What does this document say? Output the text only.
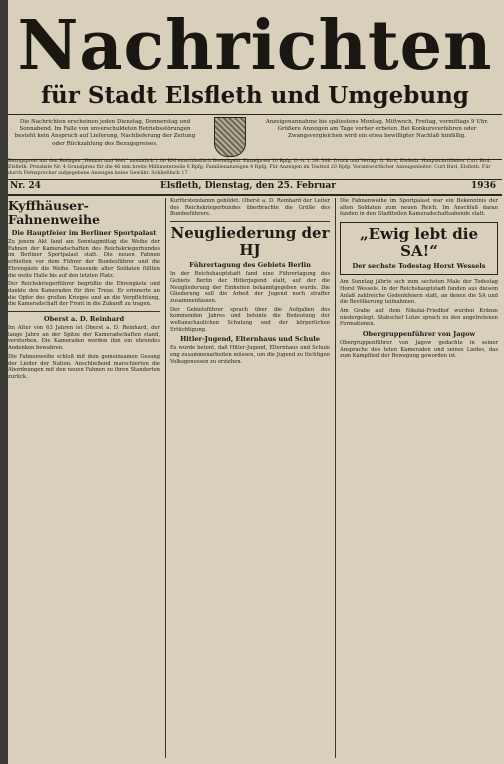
Nachrichten
für Stadt Elsfleth und Umgebung
Die Nachrichten erscheinen jeden Dienstag, Donnerstag und Sonnabend. Im Falle von unverschuldeten Betriebsstörungen besteht kein Anspruch auf Lieferung, Nachlieferung der Zeitung oder Rückzahlung des Bezugspreises.
Anzeigenannahme bis spätestens Montag, Mittwoch, Freitag, vormittags 9 Uhr. Größere Anzeigen am Tage vorher erbeten. Bei Konkursverfahren oder Zwangsvergleichen wird ein etwa bewilligter Nachlaß hinfällig.
Bezugspreis mit den Beilagen „Heimat und Welt“ monatlich 1.00 RM einschließlich Bestellgeld. Einzelpreis 10 Rpfg. D.-A. I. 36: 508. Druck und Verlag: G. Bird, Elsfleth. Hauptschriftleiter Curt Bird, Elsfleth. Preisliste Nr. 4 Grundpreis für die 46 mm breite Millimeterzeile 6 Rpfg. Familienanzeigen 4 Rpfg. Für Anzeigen im Textteil 20 Rpfg. Verantwortlicher Anzeigenleiter: Curt Bird, Elsfleth. Für durch Fernsprecher aufgegebene Anzeigen keine Gewähr. Schließfach 17
Nr. 24	Elsfleth, Dienstag, den 25. Februar	1936
Kyffhäuser-Fahnenweihe
Die Hauptfeier im Berliner Sportpalast

Zu jenem Akt fand am Sonntagmittag die Weihe der Fahnen der Kameradschaften des Reichskriegerbundes im Berliner Sportpalast statt. Die neuen Fahnen erhielten vor dem Führer der Bundesführer und die Ehrengäste die Weihe. Tausende alter Soldaten füllten die weite Halle bis auf den letzten Platz.

Der Reichskriegerführer begrüßte die Ehrengäste und dankte den Kameraden für ihre Treue. Er erinnerte an die Opfer des großen Krieges und an die Verpflichtung, die Kameradschaft der Front in die Zukunft zu tragen.

Oberst a. D. Reinhard

Im Alter von 63 Jahren ist Oberst a. D. Reinhard, der lange Jahre an der Spitze der Kameradschaften stand, verstorben. Die Kameraden werden ihm ein ehrendes Andenken bewahren.

Die Fahnenweihe schloß mit dem gemeinsamen Gesang der Lieder der Nation. Anschließend marschierten die Abordnungen mit den neuen Fahnen zu ihren Standorten zurück.

Kurfürstendamm gebildet. Oberst a. D. Reinhard der Leiter des Reichskriegerbundes überbrachte die Grüße des Bundesführers.

Neugliederung der HJ
Führertagung des Gebiets Berlin

In der Reichshauptstadt fand eine Führertagung des Gebiets Berlin der Hitlerjugend statt, auf der die Neugliederung der Einheiten bekanntgegeben wurde. Die Gliederung soll die Arbeit der Jugend noch straffer zusammenfassen.

Der Gebietsführer sprach über die Aufgaben des kommenden Jahres und betonte die Bedeutung der weltanschaulichen Schulung und der körperlichen Ertüchtigung.

Hitler-Jugend, Elternhaus und Schule

Es wurde betont, daß Hitler-Jugend, Elternhaus und Schule eng zusammenarbeiten müssen, um die Jugend zu tüchtigen Volksgenossen zu erziehen.

Die Fahnenweihe im Sportpalast war ein Bekenntnis der alten Soldaten zum neuen Reich. Im Anschluß daran fanden in den Stadtteilen Kameradschaftsabende statt.

„Ewig lebt die SA!“
Der sechste Todestag Horst Wessels

Am Sonntag jährte sich zum sechsten Male der Todestag Horst Wessels. In der Reichshauptstadt fanden aus diesem Anlaß zahlreiche Gedenkfeiern statt, an denen die SA und die Bevölkerung teilnahmen.

Am Grabe auf dem Nikolai-Friedhof wurden Kränze niedergelegt. Stabschef Lutze sprach zu den angetretenen Formationen.

Obergruppenführer von Jagow

Obergruppenführer von Jagow gedachte in seiner Ansprache des toten Kameraden und seines Liedes, das zum Kampflied der Bewegung geworden ist.
